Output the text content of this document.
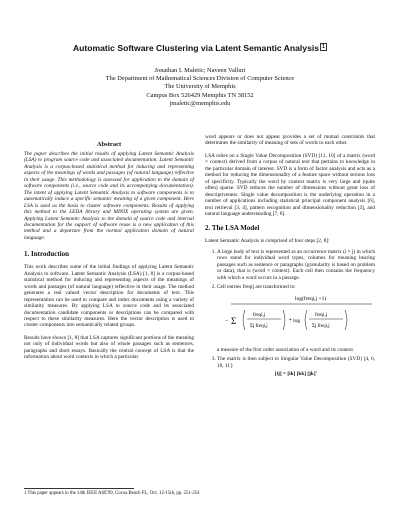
Automatic Software Clustering via Latent Semantic Analysis 1
Jonathan I. Maletic; Naveen Valluri
The Department of Mathematical Sciences Division of Computer Science
The University of Memphis
Campus Box 526429 Memphis TN 38152
jmaletic@memphis.edu
Abstract

The paper describes the initial results of applying Latent Semantic Analysis (LSA) to program source code and associated documentation. Latent Semantic Analysis is a corpus-based statistical method for inducing and representing aspects of the meanings of words and passages (of natural language) reflective in their usage. This methodology is assessed for application to the domain of software components (i.e., source code and its accompanying documentation). The intent of applying Latent Semantic Analysis to software components is to automatically induce a specific semantic meaning of a given component. Here LSA is used as the basis to cluster software components. Results of applying this method to the LEDA library and MINIX operating system are given. Applying Latent Semantic Analysis to the domain of source code and internal documentation for the support of software reuse is a new application of this method and a departure from the normal application domain of natural language.

1. Introduction

This work describes some of the initial findings of applying Latent Semantic Analysis to software. Latent Semantic Analysis (LSA) [1, 8] is a corpus-based statistical method for inducing and representing aspects of the meanings of words and passages (of natural language) reflective in their usage. The method generates a real valued vector description for documents of text. This representation can be used to compare and index documents using a variety of similarity measures. By applying LSA to source code and its associated documentation candidate components or descriptions can be compared with respect to these similarity measures. Here the vector description is used to cluster components into semantically related groups.

Results have shown [1, 8] that LSA captures significant portions of the meaning not only of individual words but also of whole passages such as sentences, paragraphs and short essays. Basically the central concept of LSA is that the information about word contexts in which a particular

word appears or does not appear provides a set of mutual constraints that determines the similarity of meaning of sets of words to each other.

LSA relies on a Single Value Decomposition (SVD) [11, 10] of a matrix (word × context) derived from a corpus of natural text that pertains to knowledge in the particular domain of interest. SVD is a form of factor analysis and acts as a method for reducing the dimensionality of a feature space without serious loss of specificity. Typically the word by context matrix is very large and (quite often) sparse. SVD reduces the number of dimensions without great loss of descriptiveness. Single value decomposition is the underlying operation in a number of applications including statistical principal component analysis [6], text retrieval [3, 4], pattern recognition and dimensionality reduction [3], and natural language understanding [7, 8].

2. The LSA Model

Latent Semantic Analysis is comprised of four steps [2, 8]:

1. A large body of text is represented as an occurrence matrix (i × j) in which rows stand for individual word types, columns for meaning bearing passages such as sentence or paragraphs (granularity is based on problem or data), that is (word × context). Each cell then contains the frequency with which a word occurs in a passage.
2. Cell entries freqij are transformed to:
log(freqi,j +1)
− Σ
freqi,j
Σj freqi,j
* log
freqi,j
Σj freqi,j
a measure of the first order association of a word and its context.
3. The matrix is then subject to Singular Value Decomposition (SVD) [4, 6, 10, 11]:
[ij] = [ik] [kk] [jk]'
1 This paper appears in the 14th IEEE ASE'99, Cocoa Beach FL, Oct. 12-15th, pp. 251-254
